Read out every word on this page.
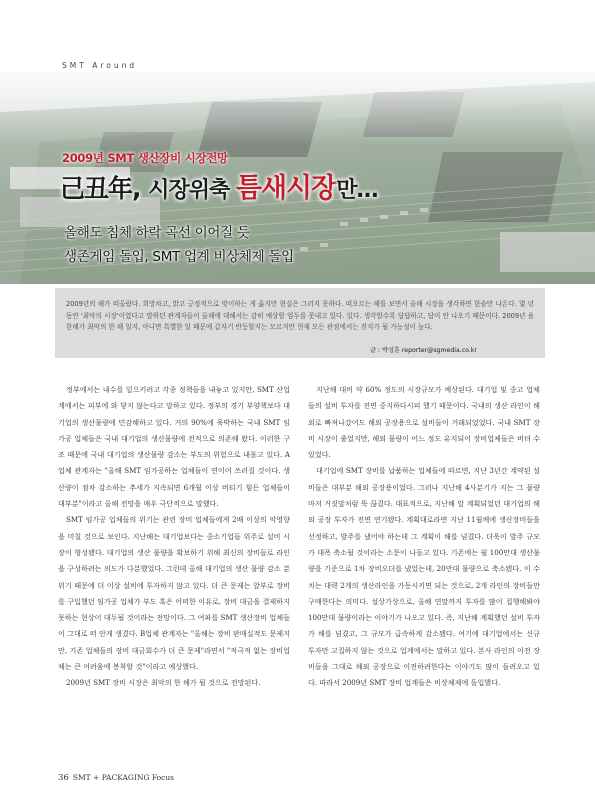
SMT Around
2009년 SMT 생산장비 시장전망
己丑年, 시장위축 틈새시장만…
올해도 침체 하락 곡선 이어질 듯
생존게임 돌입, SMT 업계 비상체제 돌입

2009년의 해가 떠올랐다. 희망차고, 밝고 긍정적으로 맞이하는 게 옳지만 현실은 그러지 못하다. 떠오르는 해를 보면서 올해 시장을 생각하면 한숨만 나온다. 몇 년 동안 '최악의 시장'이었다고 말하던 관계자들이 올해에 대해서는 감히 예상할 엄두를 못내고 있다. 있다. 생각할수록 답답하고, 답이 안 나오기 때문이다. 2009년 을 한해가 최악의 한 해 일지, 아니면 특별한 일 때문에 갑자기 반등할지는 모르지만 현재 모든 관점에서는 진지가 될 가능성이 높다.

글 : 박성훈 reporter@sgmedia.co.kr

정부에서는 내수를 일으키려고 각종 정책들을 내놓고 있지만, SMT 산업계에서는 피부에 와 닿지 않는다고 말하고 있다. 정부의 경기 부양책보다 대기업의 생산물량에 민감해하고 있다. 거의 90%에 육박하는 국내 SMT 임가공 업체들은 국내 대기업의 생산물량에 전적으로 의존해 왔다. 이러한 구조 때문에 국내 대기업의 생산물량 감소는 부도의 위험으로 내몰고 있다. A업체 관계자는 "올해 SMT 임가공하는 업체들이 연이어 쓰러질 것이다. 생산량이 점차 감소하는 추세가 지속되면 6개월 이상 버티기 힘든 업체들이 대부분"이라고 올해 전망을 매우 극단적으로 말했다.

SMT 임가공 업체들의 위기는 관련 장비 업체들에게 2배 이상의 악영향을 미칠 것으로 보인다. 지난해는 대기업보다는 중소기업들 위주로 설비 시장이 형성됐다. 대기업의 생산 물량을 확보하기 위해 최신의 장비들로 라인을 구성하려는 의도가 다분했었다. 그런데 올해 대기업의 생산 물량 감소 분위기 때문에 더 이상 설비에 투자하지 않고 있다. 더 큰 문제는 앞부로 장비를 구입했던 임가공 업체가 부도 혹은 어떠한 이유로, 장비 대금을 결제하지 못하는 현상이 대두될 것이라는 전망이다. 그 여파를 SMT 생산장비 업체들이 그대로 떠 안게 생겼다. B업체 관계자는 "올해는 장비 판매실적도 문제지만, 기존 업체들의 장비 대금회수가 더 큰 문제"라면서 "적극적 없는 장비업체는 큰 어려움에 봉착할 것"이라고 예상했다.

2009년 SMT 장비 시장은 최악의 한 해가 될 것으로 전망된다.

지난해 대비 약 60% 정도의 시장규모가 예상된다. 대기업 및 중고 업체들의 설비 투자를 전면 중지하다시피 했기 때문이다. 국내의 생산 라인이 해외로 빠져나갔어도 해외 공장용으로 설비들이 거래되었었다. 국내 SMT 장비 시장이 줄었지만, 해외 물량이 어느 정도 유지되어 장비업체들은 버텨 수 있었다.

대기업에 SMT 장비를 납품하는 업체들에 따르면, 지난 3년간 계약된 설비들은 대부분 해외 공장용이었다. 그러나 지난해 4사분기가 지는 그 물량마저 거짓말처럼 뚝 끊겼다. 대표적으로, 지난해 말 계획되었던 대기업의 해외 공장 투자가 전면 연기됐다. 계획대로라면 지난 11월께에 생산장비들을 선정하고, 발주를 냈어야 하는데 그 계획이 해를 넘겼다. 더욱이 발주 규모가 대폭 축소될 것이라는 소문이 나돌고 있다. 기존에는 월 100만대 생산물량을 기준으로 1차 장비오더를 냈었는데, 20만대 물량으로 축소됐다. 이 수치는 대략 2개의 생산라인을 가동시키면 되는 것으로, 2개 라인의 장비들만 구매한다는 의미다. 설상가상으로, 올해 연말까지 투자를 많이 집행해봐야 100만대 물량이라는 이야기가 나오고 있다. 즉, 지난해 계획했던 설비 투자가 해를 넘겼고, 그 규모가 급속하게 감소됐다. 여기에 대기업에서는 신규 투자만 고집하지 않는 것으로 업계에서는 말하고 있다. 본사 라인의 이전 장비들을 그대로 해외 공장으로 이전하려한다는 이야기도 많이 들려오고 있다. 따라서 2009년 SMT 장비 업계들은 비상체제에 돌입했다.

36 SMT + PACKAGING Focus
